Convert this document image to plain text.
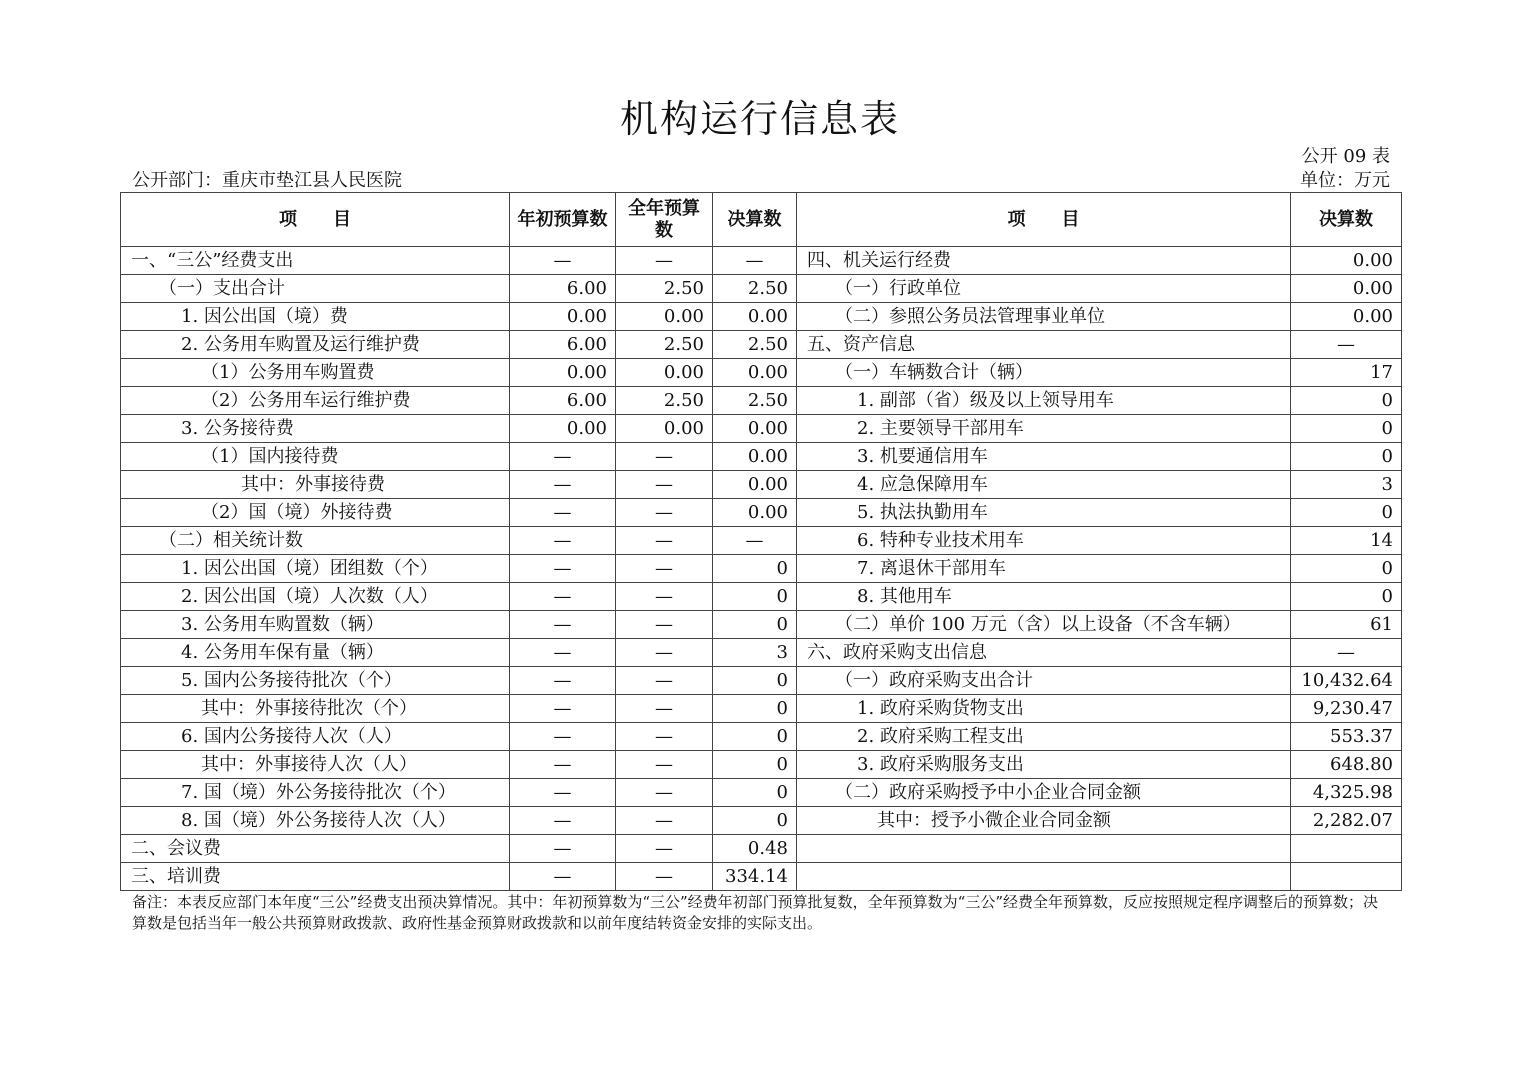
机构运行信息表
公开 09 表
单位：万元
公开部门：重庆市垫江县人民医院
项　　目	年初预算数	全年预算数	决算数	项　　目	决算数
一、“三公”经费支出	—	—	—	四、机关运行经费	0.00
（一）支出合计	6.00	2.50	2.50	（一）行政单位	0.00
1. 因公出国（境）费	0.00	0.00	0.00	（二）参照公务员法管理事业单位	0.00
2. 公务用车购置及运行维护费	6.00	2.50	2.50	五、资产信息	—
（1）公务用车购置费	0.00	0.00	0.00	（一）车辆数合计（辆）	17
（2）公务用车运行维护费	6.00	2.50	2.50	1. 副部（省）级及以上领导用车	0
3. 公务接待费	0.00	0.00	0.00	2. 主要领导干部用车	0
（1）国内接待费	—	—	0.00	3. 机要通信用车	0
其中：外事接待费	—	—	0.00	4. 应急保障用车	3
（2）国（境）外接待费	—	—	0.00	5. 执法执勤用车	0
（二）相关统计数	—	—	—	6. 特种专业技术用车	14
1. 因公出国（境）团组数（个）	—	—	0	7. 离退休干部用车	0
2. 因公出国（境）人次数（人）	—	—	0	8. 其他用车	0
3. 公务用车购置数（辆）	—	—	0	（二）单价 100 万元（含）以上设备（不含车辆）	61
4. 公务用车保有量（辆）	—	—	3	六、政府采购支出信息	—
5. 国内公务接待批次（个）	—	—	0	（一）政府采购支出合计	10,432.64
其中：外事接待批次（个）	—	—	0	1. 政府采购货物支出	9,230.47
6. 国内公务接待人次（人）	—	—	0	2. 政府采购工程支出	553.37
其中：外事接待人次（人）	—	—	0	3. 政府采购服务支出	648.80
7. 国（境）外公务接待批次（个）	—	—	0	（二）政府采购授予中小企业合同金额	4,325.98
8. 国（境）外公务接待人次（人）	—	—	0	其中：授予小微企业合同金额	2,282.07
二、会议费	—	—	0.48		
三、培训费	—	—	334.14		
备注：本表反应部门本年度“三公”经费支出预决算情况。其中：年初预算数为“三公”经费年初部门预算批复数，全年预算数为“三公”经费全年预算数，反应按照规定程序调整后的预算数；决算数是包括当年一般公共预算财政拨款、政府性基金预算财政拨款和以前年度结转资金安排的实际支出。
